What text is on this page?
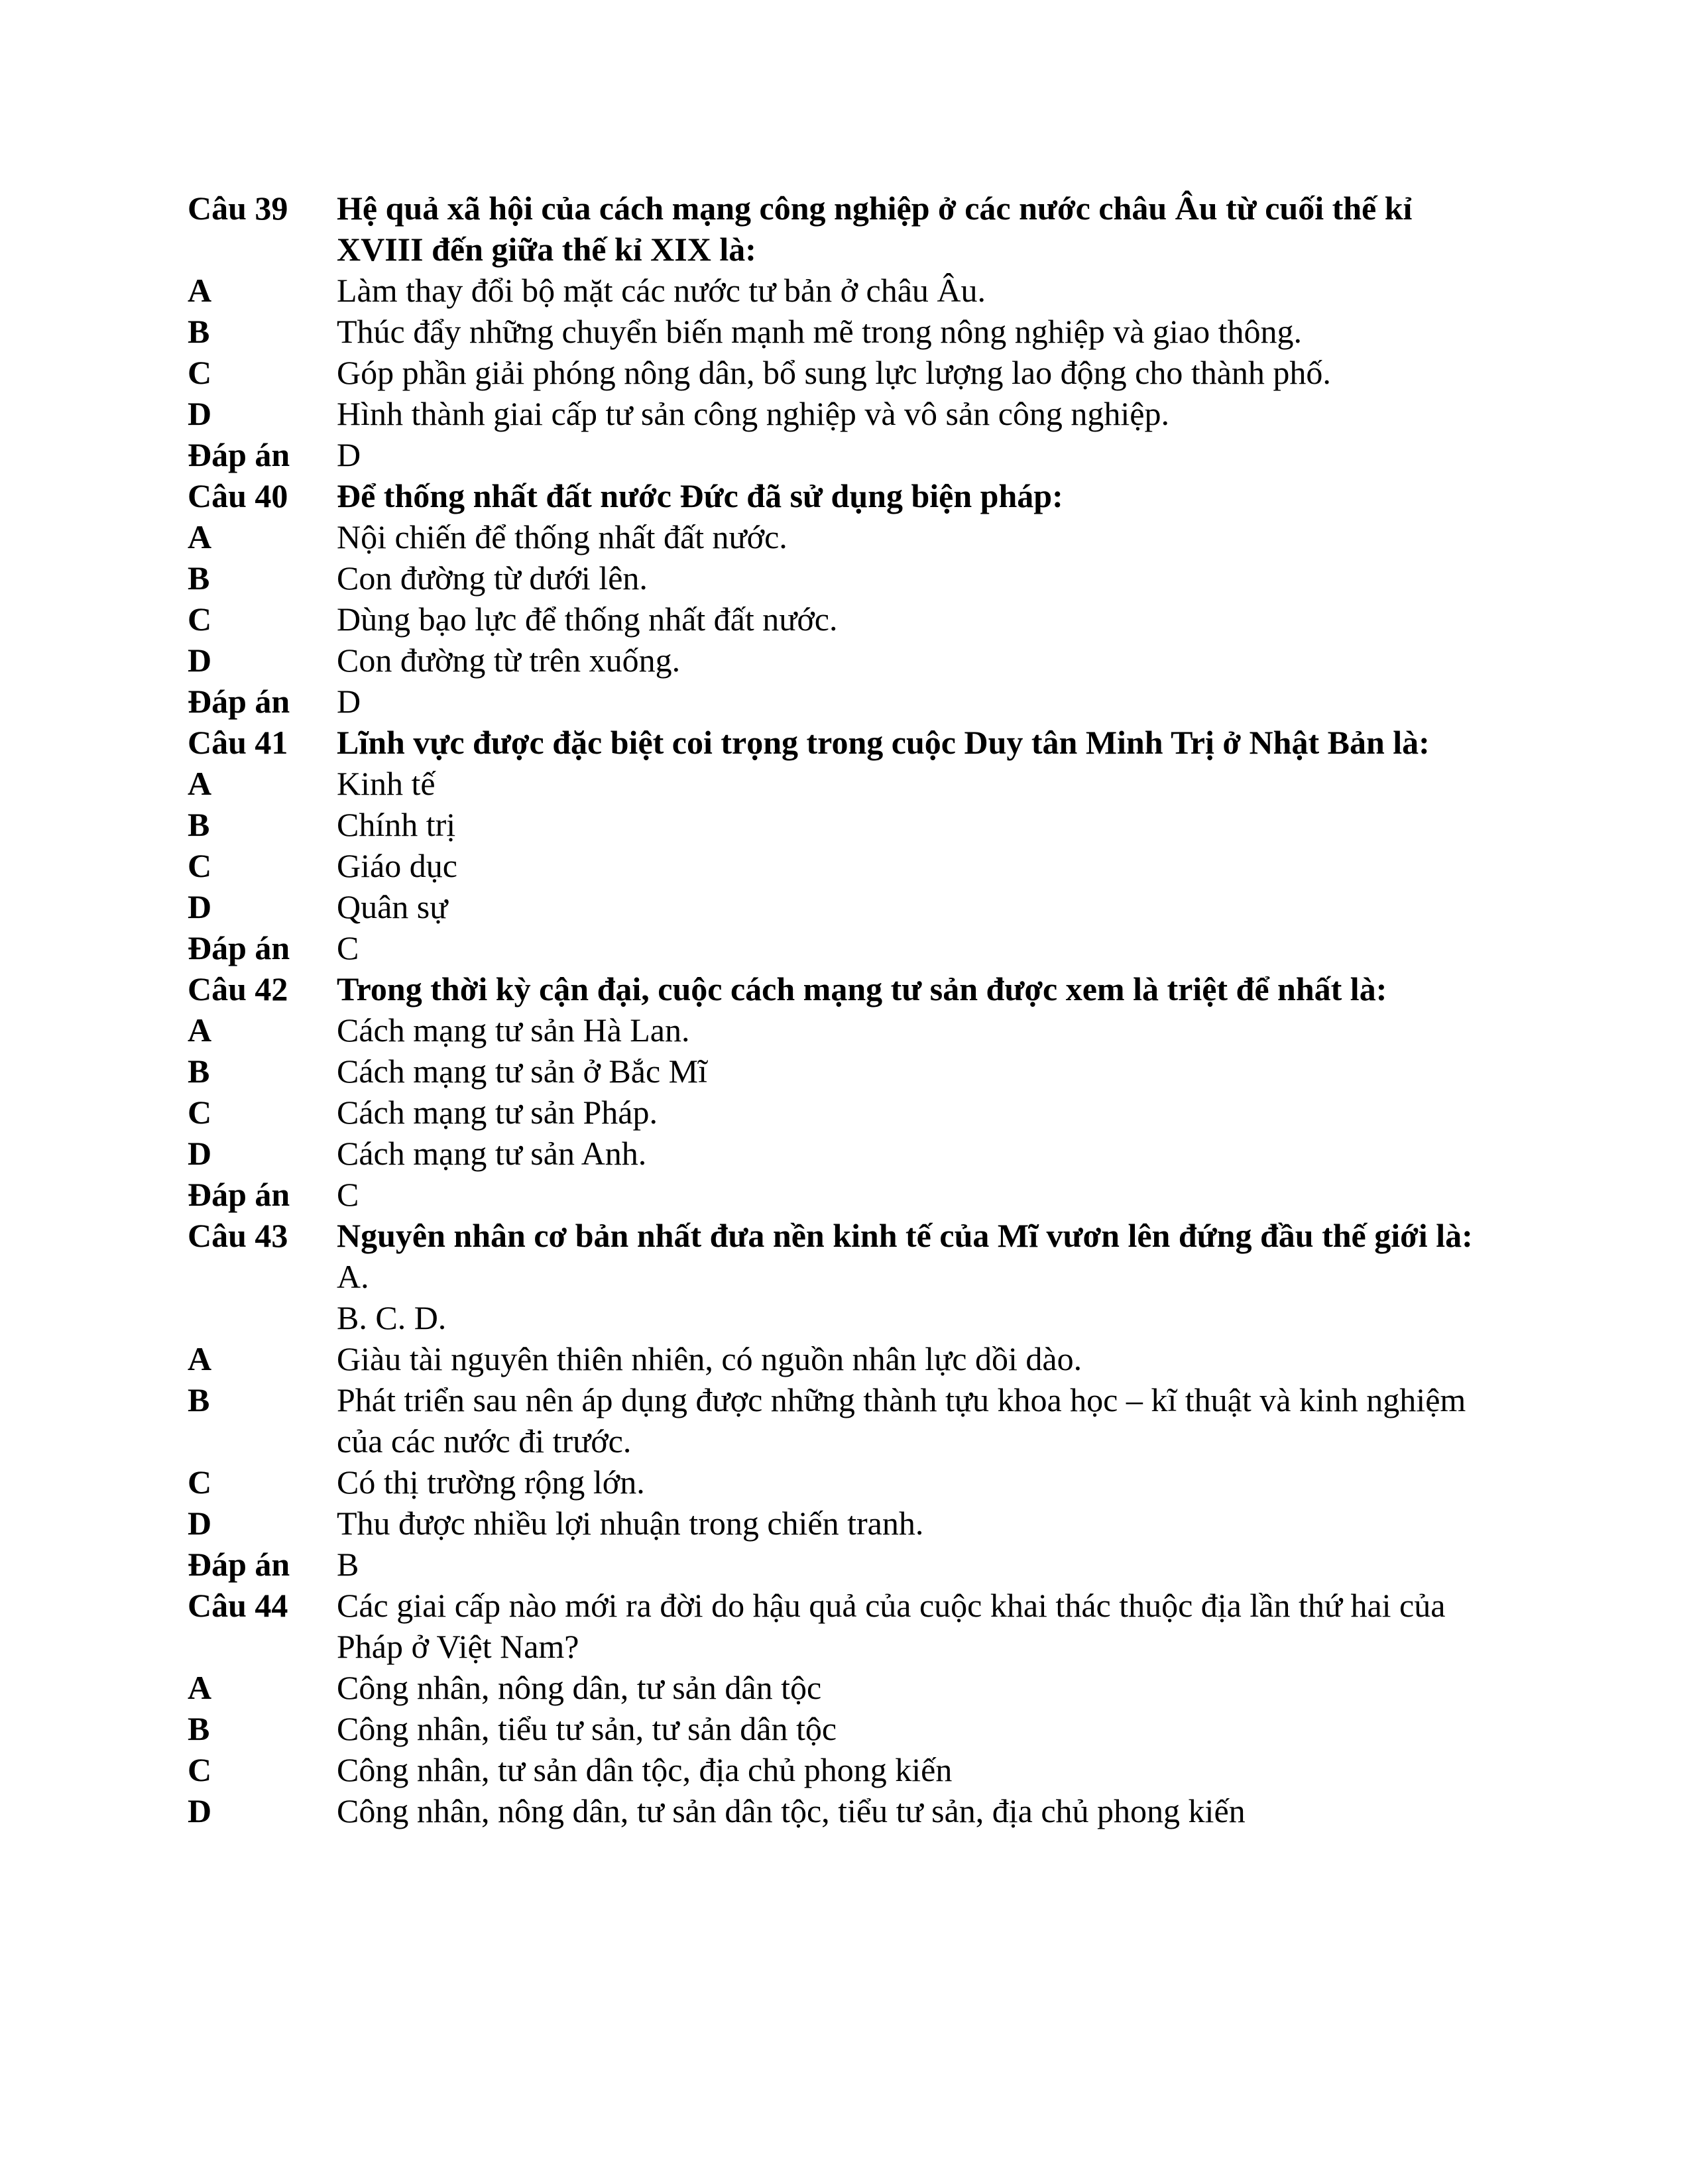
Câu 39	Hệ quả xã hội của cách mạng công nghiệp ở các nước châu Âu từ cuối thế kỉ XVIII đến giữa thế kỉ XIX là:
A	Làm thay đổi bộ mặt các nước tư bản ở châu Âu.
B	Thúc đẩy những chuyển biến mạnh mẽ trong nông nghiệp và giao thông.
C	Góp phần giải phóng nông dân, bổ sung lực lượng lao động cho thành phố.
D	Hình thành giai cấp tư sản công nghiệp và vô sản công nghiệp.
Đáp án	D
Câu 40	Để thống nhất đất nước Đức đã sử dụng biện pháp:
A	Nội chiến để thống nhất đất nước.
B	Con đường từ dưới lên.
C	Dùng bạo lực để thống nhất đất nước.
D	Con đường từ trên xuống.
Đáp án	D
Câu 41	Lĩnh vực được đặc biệt coi trọng trong cuộc Duy tân Minh Trị ở Nhật Bản là:
A	Kinh tế
B	Chính trị
C	Giáo dục
D	Quân sự
Đáp án	C
Câu 42	Trong thời kỳ cận đại, cuộc cách mạng tư sản được xem là triệt để nhất là:
A	Cách mạng tư sản Hà Lan.
B	Cách mạng tư sản ở Bắc Mĩ
C	Cách mạng tư sản Pháp.
D	Cách mạng tư sản Anh.
Đáp án	C
Câu 43	Nguyên nhân cơ bản nhất đưa nền kinh tế của Mĩ vươn lên đứng đầu thế giới là:
A.
B. C. D.
A	Giàu tài nguyên thiên nhiên, có nguồn nhân lực dồi dào.
B	Phát triển sau nên áp dụng được những thành tựu khoa học – kĩ thuật và kinh nghiệm của các nước đi trước.
C	Có thị trường rộng lớn.
D	Thu được nhiều lợi nhuận trong chiến tranh.
Đáp án	B
Câu 44	Các giai cấp nào mới ra đời do hậu quả của cuộc khai thác thuộc địa lần thứ hai của Pháp ở Việt Nam?
A	Công nhân, nông dân, tư sản dân tộc
B	Công nhân, tiểu tư sản, tư sản dân tộc
C	Công nhân, tư sản dân tộc, địa chủ phong kiến
D	Công nhân, nông dân, tư sản dân tộc, tiểu tư sản, địa chủ phong kiến
